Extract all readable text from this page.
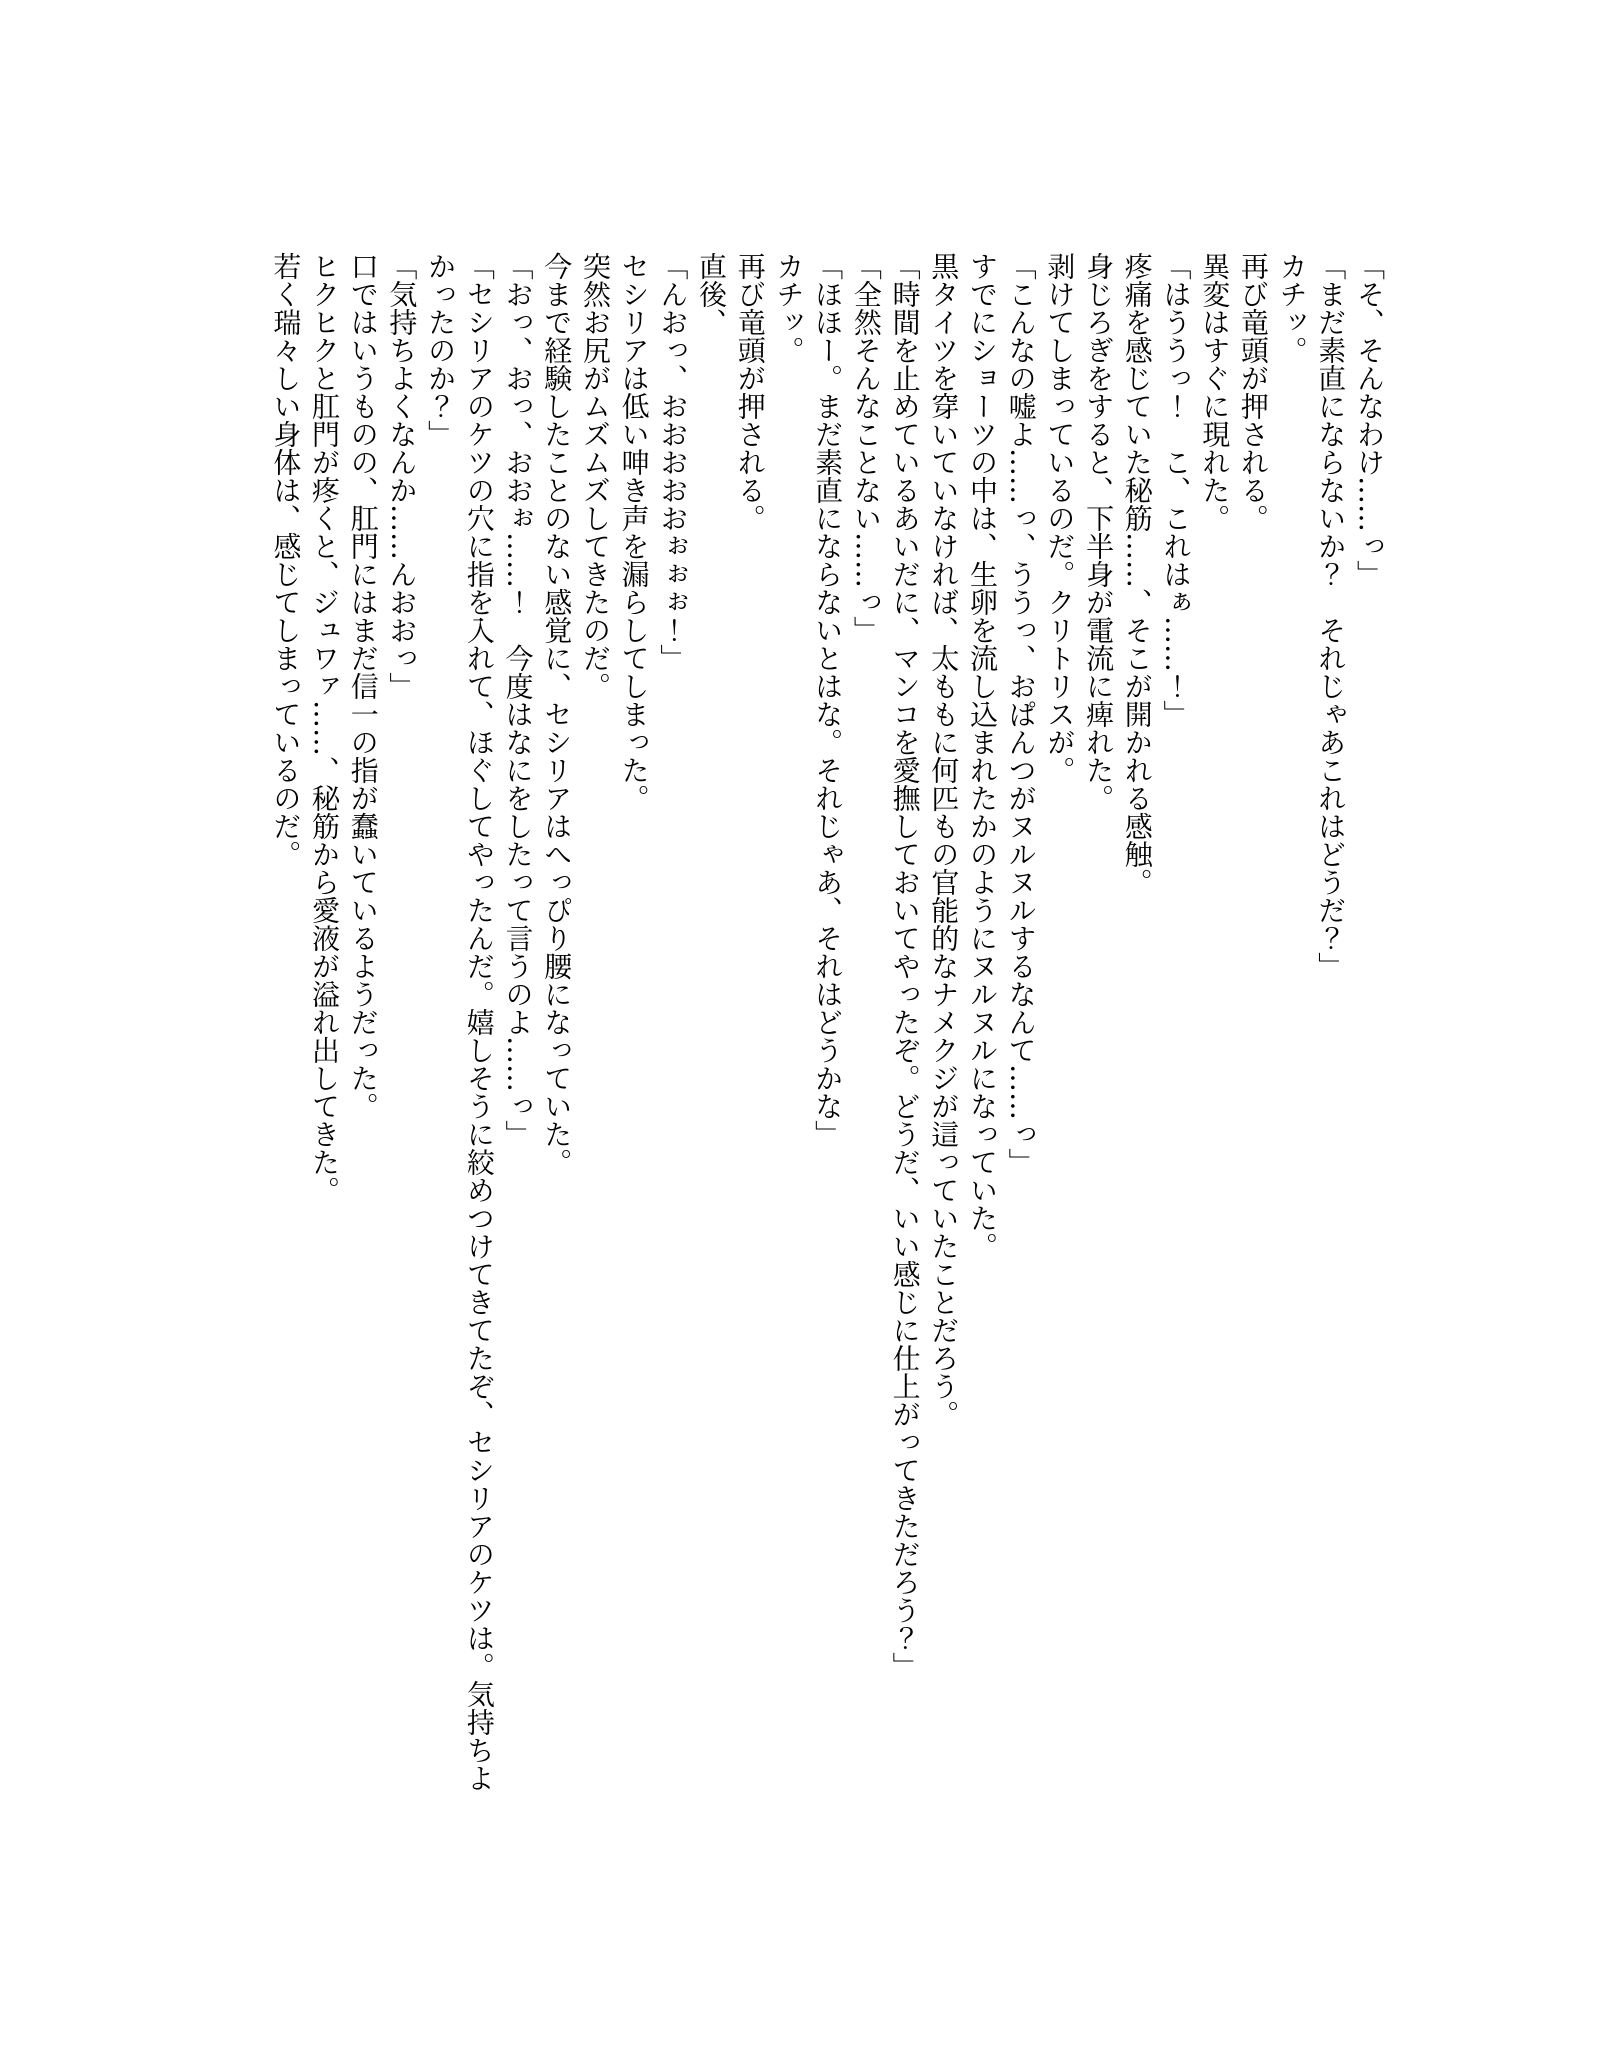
「そ、そんなわけ……っ」

「まだ素直にならないか？　それじゃあこれはどうだ？」

カチッ。

再び竜頭が押される。

異変はすぐに現れた。

「はううっ！　こ、これはぁ……！」

疼痛を感じていた秘筋……、そこが開かれる感触。

身じろぎをすると、下半身が電流に痺れた。

剥けてしまっているのだ。クリトリスが。

「こんなの嘘よ……っ、ううっ、おぱんつがヌルヌルするなんて……っ」

すでにショーツの中は、生卵を流し込まれたかのようにヌルヌルになっていた。

黒タイツを穿いていなければ、太ももに何匹もの官能的なナメクジが這っていたことだろう。

「時間を止めているあいだに、マンコを愛撫しておいてやったぞ。どうだ、いい感じに仕上がってきただろう？」

「全然そんなことない……っ」

「ほほー。まだ素直にならないとはな。それじゃあ、それはどうかな」

カチッ。

再び竜頭が押される。

直後、

「んおっ、おおおおおぉぉぉ！」

セシリアは低い呻き声を漏らしてしまった。

突然お尻がムズムズしてきたのだ。

今まで経験したことのない感覚に、セシリアはへっぴり腰になっていた。

「おっ、おっ、おおぉ……！　今度はなにをしたって言うのよ……っ」

「セシリアのケツの穴に指を入れて、ほぐしてやったんだ。嬉しそうに絞めつけてきてたぞ、セシリアのケツは。気持ちよかったのか？」

「気持ちよくなんか……んおおっ」

口ではいうものの、肛門にはまだ信一の指が蠢いているようだった。

ヒクヒクと肛門が疼くと、ジュワァ……、秘筋から愛液が溢れ出してきた。

若く瑞々しい身体は、感じてしまっているのだ。
